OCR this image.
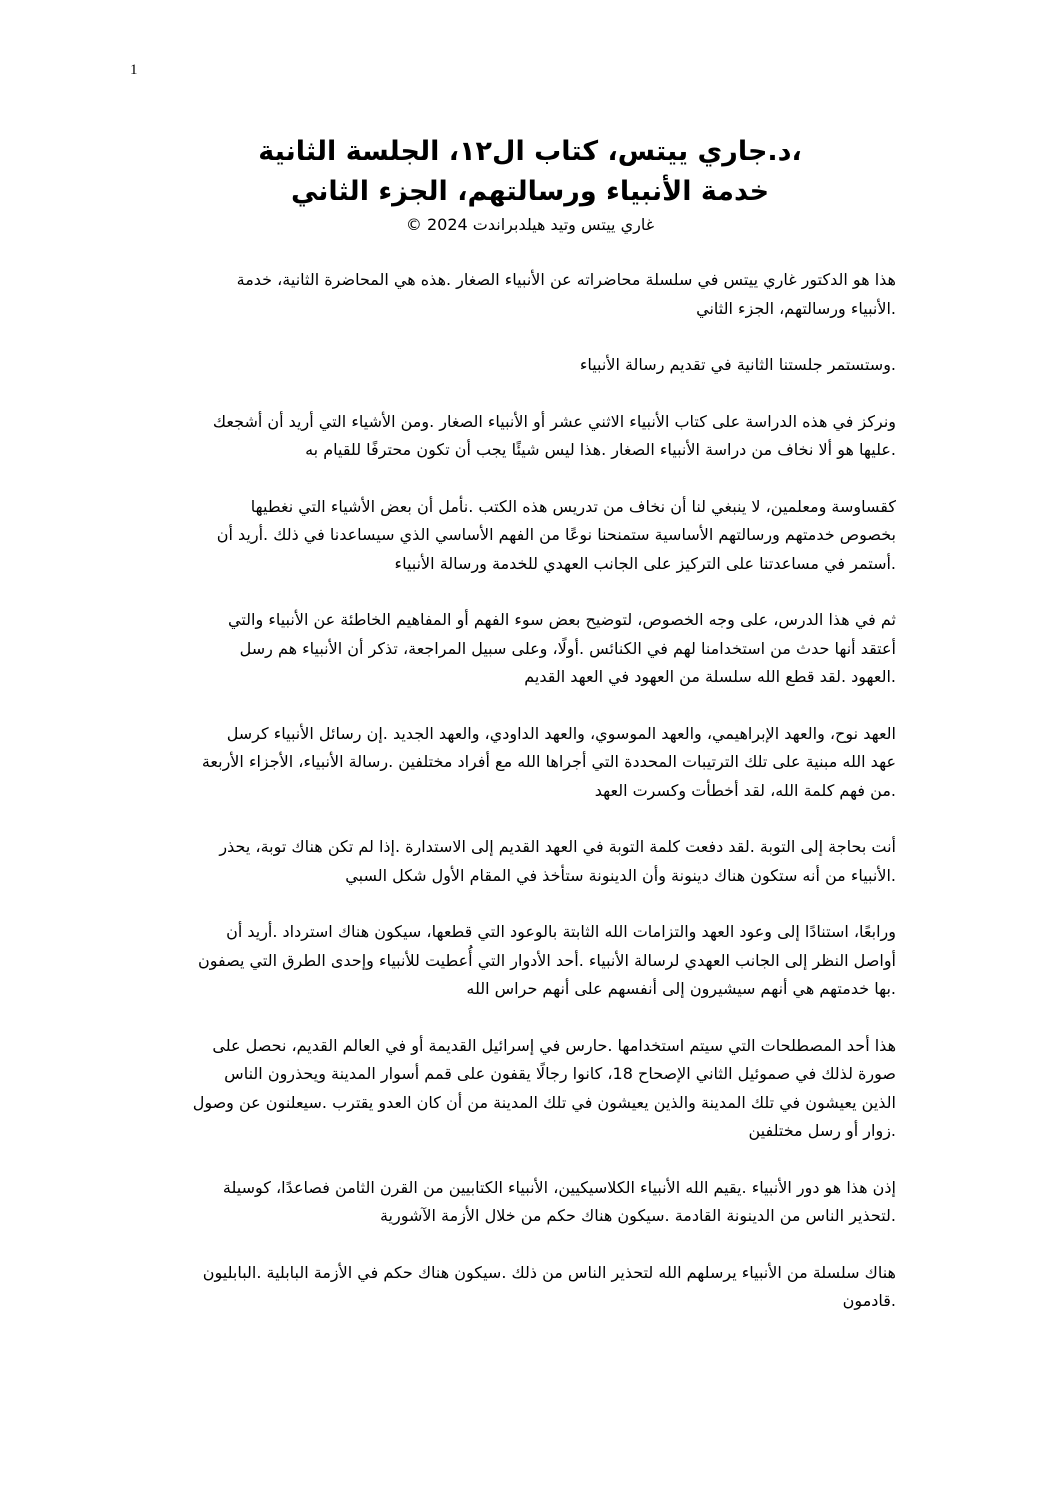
1
،د.جاري ييتس، كتاب ال١٢، الجلسة الثانية
خدمة الأنبياء ورسالتهم، الجزء الثاني
غاري ييتس وتيد هيلدبراندت 2024 ©
هذا هو الدكتور غاري ييتس في سلسلة محاضراته عن الأنبياء الصغار .هذه هي المحاضرة الثانية، خدمة
.الأنبياء ورسالتهم، الجزء الثاني
.وستستمر جلستنا الثانية في تقديم رسالة الأنبياء
ونركز في هذه الدراسة على كتاب الأنبياء الاثني عشر أو الأنبياء الصغار .ومن الأشياء التي أريد أن أشجعك
.عليها هو ألا نخاف من دراسة الأنبياء الصغار .هذا ليس شيئًا يجب أن تكون محترفًا للقيام به
كقساوسة ومعلمين، لا ينبغي لنا أن نخاف من تدريس هذه الكتب .نأمل أن بعض الأشياء التي نغطيها
بخصوص خدمتهم ورسالتهم الأساسية ستمنحنا نوعًا من الفهم الأساسي الذي سيساعدنا في ذلك .أريد أن
.أستمر في مساعدتنا على التركيز على الجانب العهدي للخدمة ورسالة الأنبياء
ثم في هذا الدرس، على وجه الخصوص، لتوضيح بعض سوء الفهم أو المفاهيم الخاطئة عن الأنبياء والتي
أعتقد أنها حدث من استخدامنا لهم في الكنائس .أولًا، وعلى سبيل المراجعة، تذكر أن الأنبياء هم رسل
.العهود .لقد قطع الله سلسلة من العهود في العهد القديم
العهد نوح، والعهد الإبراهيمي، والعهد الموسوي، والعهد الداودي، والعهد الجديد .إن رسائل الأنبياء كرسل
عهد الله مبنية على تلك الترتيبات المحددة التي أجراها الله مع أفراد مختلفين .رسالة الأنبياء، الأجزاء الأربعة
.من فهم كلمة الله، لقد أخطأت وكسرت العهد
أنت بحاجة إلى التوبة .لقد دفعت كلمة التوبة في العهد القديم إلى الاستدارة .إذا لم تكن هناك توبة، يحذر
.الأنبياء من أنه ستكون هناك دينونة وأن الدينونة ستأخذ في المقام الأول شكل السبي
ورابعًا، استنادًا إلى وعود العهد والتزامات الله الثابتة بالوعود التي قطعها، سيكون هناك استرداد .أريد أن
أواصل النظر إلى الجانب العهدي لرسالة الأنبياء .أحد الأدوار التي أُعطيت للأنبياء وإحدى الطرق التي يصفون
.بها خدمتهم هي أنهم سيشيرون إلى أنفسهم على أنهم حراس الله
هذا أحد المصطلحات التي سيتم استخدامها .حارس في إسرائيل القديمة أو في العالم القديم، نحصل على
صورة لذلك في صموئيل الثاني الإصحاح 18، كانوا رجالًا يقفون على قمم أسوار المدينة ويحذرون الناس
الذين يعيشون في تلك المدينة والذين يعيشون في تلك المدينة من أن كان العدو يقترب .سيعلنون عن وصول
.زوار أو رسل مختلفين
إذن هذا هو دور الأنبياء .يقيم الله الأنبياء الكلاسيكيين، الأنبياء الكتابيين من القرن الثامن فصاعدًا، كوسيلة
.لتحذير الناس من الدينونة القادمة .سيكون هناك حكم من خلال الأزمة الآشورية
هناك سلسلة من الأنبياء يرسلهم الله لتحذير الناس من ذلك .سيكون هناك حكم في الأزمة البابلية .البابليون
.قادمون
